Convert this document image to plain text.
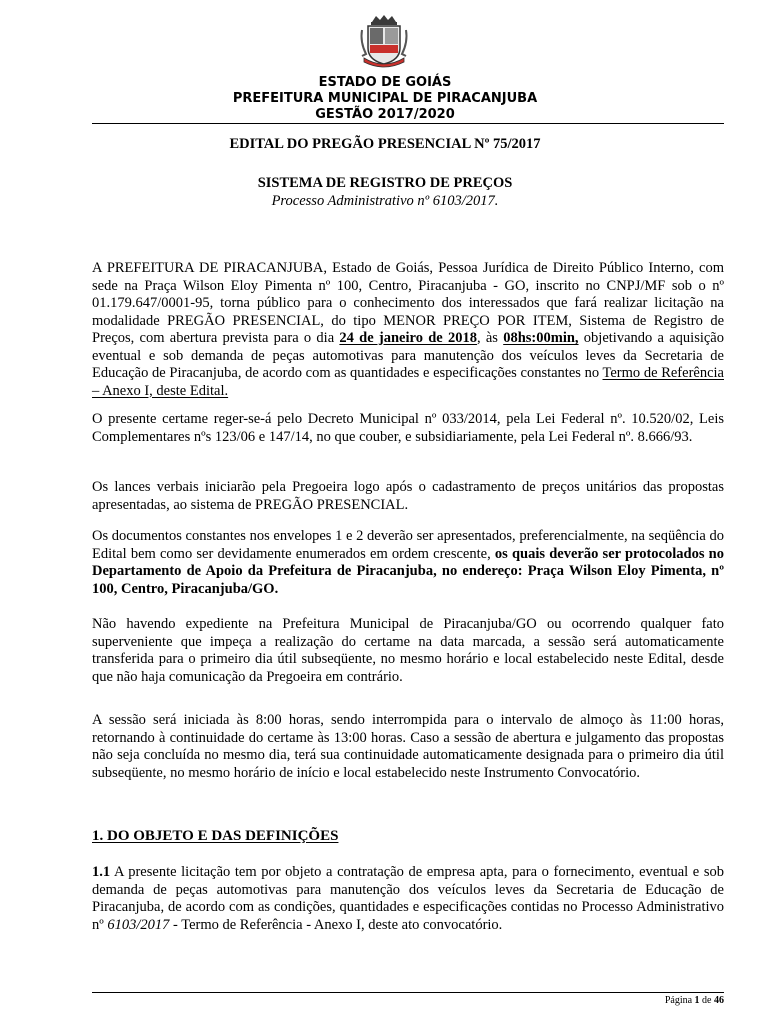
ESTADO DE GOIÁS
PREFEITURA MUNICIPAL DE PIRACANJUBA
GESTÃO 2017/2020
EDITAL DO PREGÃO PRESENCIAL Nº 75/2017
SISTEMA DE REGISTRO DE PREÇOS
Processo Administrativo nº 6103/2017.

A PREFEITURA DE PIRACANJUBA, Estado de Goiás, Pessoa Jurídica de Direito Público Interno, com sede na Praça Wilson Eloy Pimenta nº 100, Centro, Piracanjuba - GO, inscrito no CNPJ/MF sob o nº 01.179.647/0001-95, torna público para o conhecimento dos interessados que fará realizar licitação na modalidade PREGÃO PRESENCIAL, do tipo MENOR PREÇO POR ITEM, Sistema de Registro de Preços, com abertura prevista para o dia 24 de janeiro de 2018, às 08hs:00min, objetivando a aquisição eventual e sob demanda de peças automotivas para manutenção dos veículos leves da Secretaria de Educação de Piracanjuba, de acordo com as quantidades e especificações constantes no Termo de Referência – Anexo I, deste Edital.

O presente certame reger-se-á pelo Decreto Municipal nº 033/2014, pela Lei Federal nº. 10.520/02, Leis Complementares nºs 123/06 e 147/14, no que couber, e subsidiariamente, pela Lei Federal nº. 8.666/93.

Os lances verbais iniciarão pela Pregoeira logo após o cadastramento de preços unitários das propostas apresentadas, ao sistema de PREGÃO PRESENCIAL.

Os documentos constantes nos envelopes 1 e 2 deverão ser apresentados, preferencialmente, na seqüência do Edital bem como ser devidamente enumerados em ordem crescente, os quais deverão ser protocolados no Departamento de Apoio da Prefeitura de Piracanjuba, no endereço: Praça Wilson Eloy Pimenta, nº 100, Centro, Piracanjuba/GO.

Não havendo expediente na Prefeitura Municipal de Piracanjuba/GO ou ocorrendo qualquer fato superveniente que impeça a realização do certame na data marcada, a sessão será automaticamente transferida para o primeiro dia útil subseqüente, no mesmo horário e local estabelecido neste Edital, desde que não haja comunicação da Pregoeira em contrário.

A sessão será iniciada às 8:00 horas, sendo interrompida para o intervalo de almoço às 11:00 horas, retornando à continuidade do certame às 13:00 horas. Caso a sessão de abertura e julgamento das propostas não seja concluída no mesmo dia, terá sua continuidade automaticamente designada para o primeiro dia útil subseqüente, no mesmo horário de início e local estabelecido neste Instrumento Convocatório.

1. DO OBJETO E DAS DEFINIÇÕES

1.1 A presente licitação tem por objeto a contratação de empresa apta, para o fornecimento, eventual e sob demanda de peças automotivas para manutenção dos veículos leves da Secretaria de Educação de Piracanjuba, de acordo com as condições, quantidades e especificações contidas no Processo Administrativo nº 6103/2017 - Termo de Referência - Anexo I, deste ato convocatório.

Página 1 de 46
